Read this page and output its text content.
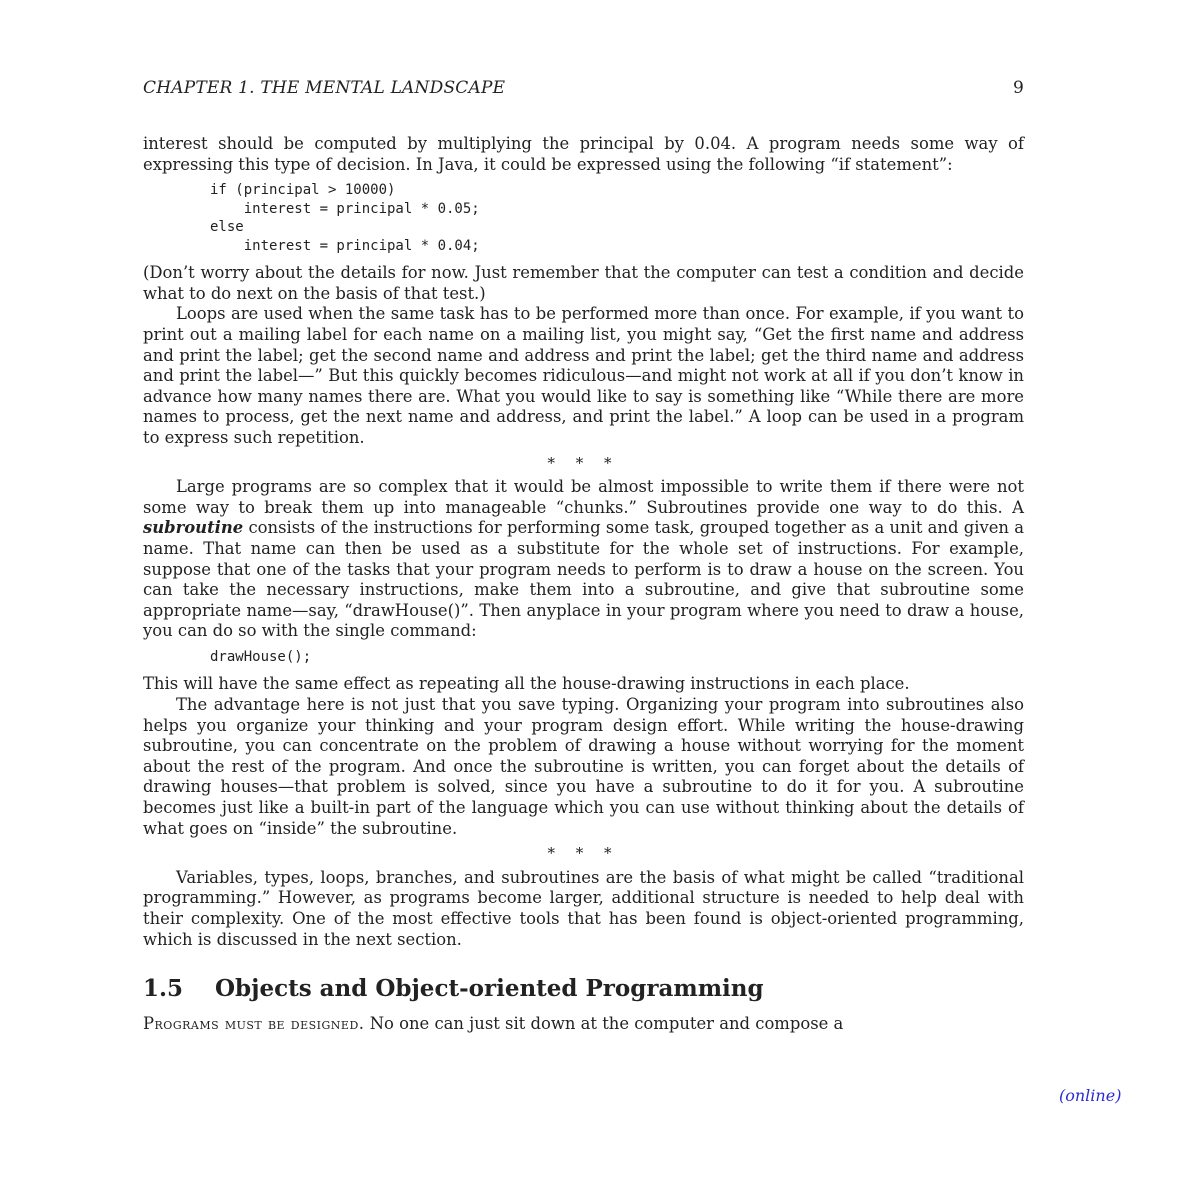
CHAPTER 1. THE MENTAL LANDSCAPE	9

interest should be computed by multiplying the principal by 0.04. A program needs some way of expressing this type of decision. In Java, it could be expressed using the following “if statement”:

if (principal > 10000)
interest = principal * 0.05;
else
interest = principal * 0.04;

(Don’t worry about the details for now. Just remember that the computer can test a condition and decide what to do next on the basis of that test.)

Loops are used when the same task has to be performed more than once. For example, if you want to print out a mailing label for each name on a mailing list, you might say, “Get the first name and address and print the label; get the second name and address and print the label; get the third name and address and print the label—” But this quickly becomes ridiculous—and might not work at all if you don’t know in advance how many names there are. What you would like to say is something like “While there are more names to process, get the next name and address, and print the label.” A loop can be used in a program to express such repetition.

* * *

Large programs are so complex that it would be almost impossible to write them if there were not some way to break them up into manageable “chunks.” Subroutines provide one way to do this. A subroutine consists of the instructions for performing some task, grouped together as a unit and given a name. That name can then be used as a substitute for the whole set of instructions. For example, suppose that one of the tasks that your program needs to perform is to draw a house on the screen. You can take the necessary instructions, make them into a subroutine, and give that subroutine some appropriate name—say, “drawHouse()”. Then anyplace in your program where you need to draw a house, you can do so with the single command:

drawHouse();

This will have the same effect as repeating all the house-drawing instructions in each place.

The advantage here is not just that you save typing. Organizing your program into subroutines also helps you organize your thinking and your program design effort. While writing the house-drawing subroutine, you can concentrate on the problem of drawing a house without worrying for the moment about the rest of the program. And once the subroutine is written, you can forget about the details of drawing houses—that problem is solved, since you have a subroutine to do it for you. A subroutine becomes just like a built-in part of the language which you can use without thinking about the details of what goes on “inside” the subroutine.

* * *

Variables, types, loops, branches, and subroutines are the basis of what might be called “traditional programming.” However, as programs become larger, additional structure is needed to help deal with their complexity. One of the most effective tools that has been found is object-oriented programming, which is discussed in the next section.

1.5 Objects and Object-oriented Programming

Programs must be designed. No one can just sit down at the computer and compose a

(online)
